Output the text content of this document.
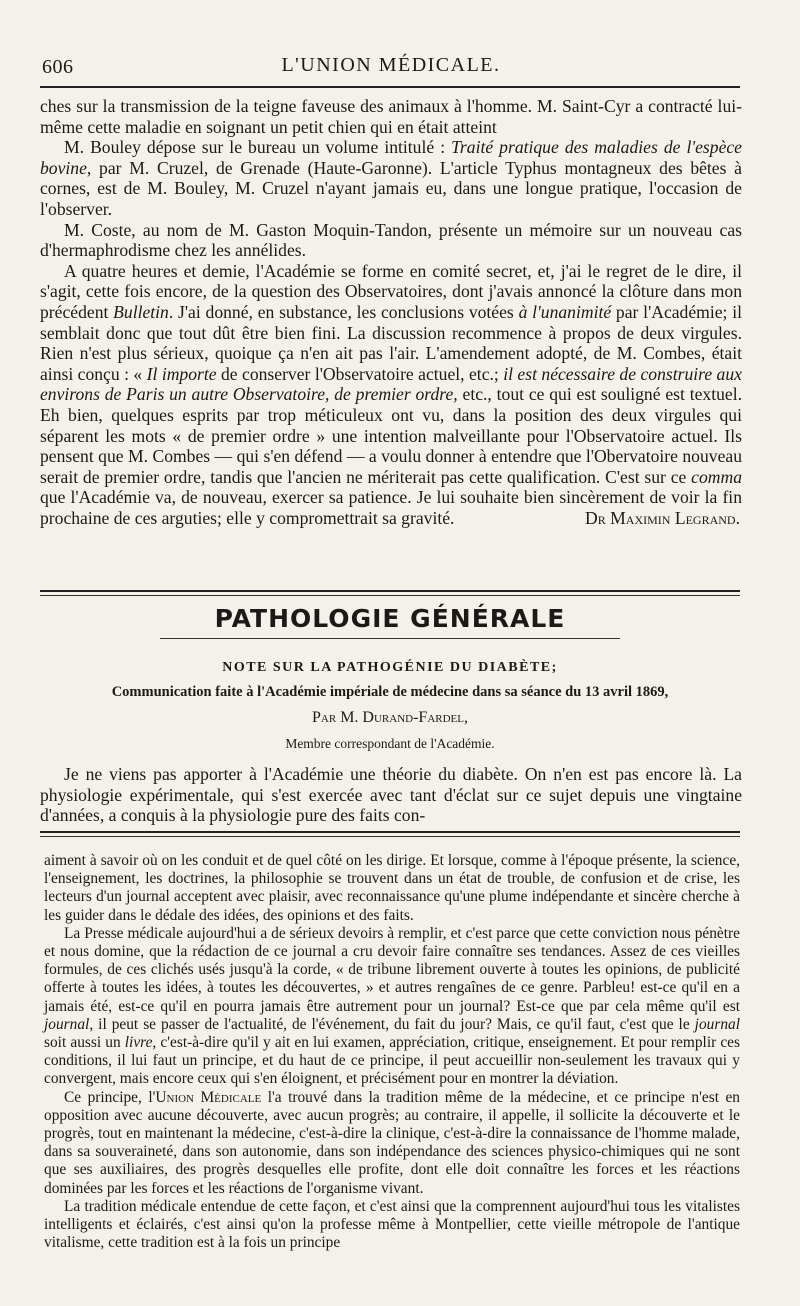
606	L'UNION MÉDICALE.

ches sur la transmission de la teigne faveuse des animaux à l'homme. M. Saint-Cyr a contracté lui-même cette maladie en soignant un petit chien qui en était atteint

M. Bouley dépose sur le bureau un volume intitulé : Traité pratique des maladies de l'espèce bovine, par M. Cruzel, de Grenade (Haute-Garonne). L'article Typhus montagneux des bêtes à cornes, est de M. Bouley, M. Cruzel n'ayant jamais eu, dans une longue pratique, l'occasion de l'observer.

M. Coste, au nom de M. Gaston Moquin-Tandon, présente un mémoire sur un nouveau cas d'hermaphrodisme chez les annélides.

A quatre heures et demie, l'Académie se forme en comité secret, et, j'ai le regret de le dire, il s'agit, cette fois encore, de la question des Observatoires, dont j'avais annoncé la clôture dans mon précédent Bulletin. J'ai donné, en substance, les conclusions votées à l'unanimité par l'Académie; il semblait donc que tout dût être bien fini. La discussion recommence à propos de deux virgules. Rien n'est plus sérieux, quoique ça n'en ait pas l'air. L'amendement adopté, de M. Combes, était ainsi conçu : « Il importe de conserver l'Observatoire actuel, etc.; il est nécessaire de construire aux environs de Paris un autre Observatoire, de premier ordre, etc., tout ce qui est souligné est textuel. Eh bien, quelques esprits par trop méticuleux ont vu, dans la position des deux virgules qui séparent les mots « de premier ordre » une intention malveillante pour l'Observatoire actuel. Ils pensent que M. Combes — qui s'en défend — a voulu donner à entendre que l'Obervatoire nouveau serait de premier ordre, tandis que l'ancien ne mériterait pas cette qualification. C'est sur ce comma que l'Académie va, de nouveau, exercer sa patience. Je lui souhaite bien sincèrement de voir la fin prochaine de ces arguties; elle y compromettrait sa gravité.	Dr Maximin Legrand.
PATHOLOGIE GÉNÉRALE
NOTE SUR LA PATHOGÉNIE DU DIABÈTE;
Communication faite à l'Académie impériale de médecine dans sa séance du 13 avril 1869,
Par M. Durand-Fardel,
Membre correspondant de l'Académie.

Je ne viens pas apporter à l'Académie une théorie du diabète. On n'en est pas encore là. La physiologie expérimentale, qui s'est exercée avec tant d'éclat sur ce sujet depuis une vingtaine d'années, a conquis à la physiologie pure des faits con-

aiment à savoir où on les conduit et de quel côté on les dirige. Et lorsque, comme à l'époque présente, la science, l'enseignement, les doctrines, la philosophie se trouvent dans un état de trouble, de confusion et de crise, les lecteurs d'un journal acceptent avec plaisir, avec reconnaissance qu'une plume indépendante et sincère cherche à les guider dans le dédale des idées, des opinions et des faits.

La Presse médicale aujourd'hui a de sérieux devoirs à remplir, et c'est parce que cette conviction nous pénètre et nous domine, que la rédaction de ce journal a cru devoir faire connaître ses tendances. Assez de ces vieilles formules, de ces clichés usés jusqu'à la corde, « de tribune librement ouverte à toutes les opinions, de publicité offerte à toutes les idées, à toutes les découvertes, » et autres rengaînes de ce genre. Parbleu! est-ce qu'il en a jamais été, est-ce qu'il en pourra jamais être autrement pour un journal? Est-ce que par cela même qu'il est journal, il peut se passer de l'actualité, de l'événement, du fait du jour? Mais, ce qu'il faut, c'est que le journal soit aussi un livre, c'est-à-dire qu'il y ait en lui examen, appréciation, critique, enseignement. Et pour remplir ces conditions, il lui faut un principe, et du haut de ce principe, il peut accueillir non-seulement les travaux qui y convergent, mais encore ceux qui s'en éloignent, et précisément pour en montrer la déviation.

Ce principe, l'Union Médicale l'a trouvé dans la tradition même de la médecine, et ce principe n'est en opposition avec aucune découverte, avec aucun progrès; au contraire, il appelle, il sollicite la découverte et le progrès, tout en maintenant la médecine, c'est-à-dire la clinique, c'est-à-dire la connaissance de l'homme malade, dans sa souveraineté, dans son autonomie, dans son indépendance des sciences physico-chimiques qui ne sont que ses auxiliaires, des progrès desquelles elle profite, dont elle doit connaître les forces et les réactions dominées par les forces et les réactions de l'organisme vivant.

La tradition médicale entendue de cette façon, et c'est ainsi que la comprennent aujourd'hui tous les vitalistes intelligents et éclairés, c'est ainsi qu'on la professe même à Montpellier, cette vieille métropole de l'antique vitalisme, cette tradition est à la fois un principe
